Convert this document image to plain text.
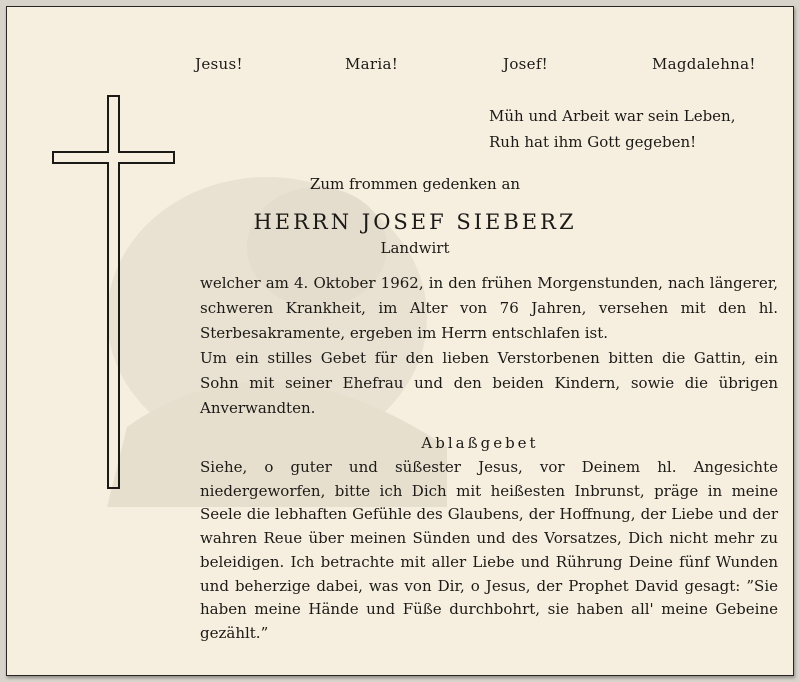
Jesus!	Maria!	Josef!	Magdalehna!
Müh und Arbeit war sein Leben,
Ruh hat ihm Gott gegeben!
Zum frommen gedenken an
HERRN JOSEF SIEBERZ
Landwirt

welcher am 4. Oktober 1962, in den frühen Morgenstunden, nach längerer, schweren Krankheit, im Alter von 76 Jahren, versehen mit den hl. Sterbesakramente, ergeben im Herrn entschlafen ist.

Um ein stilles Gebet für den lieben Verstorbenen bitten die Gattin, ein Sohn mit seiner Ehefrau und den beiden Kindern, sowie die übrigen Anverwandten.

Ablaßgebet
Siehe, o guter und süßester Jesus, vor Deinem hl. Angesichte niedergeworfen, bitte ich Dich mit heißesten Inbrunst, präge in meine Seele die lebhaften Gefühle des Glaubens, der Hoffnung, der Liebe und der wahren Reue über meinen Sünden und des Vorsatzes, Dich nicht mehr zu beleidigen. Ich betrachte mit aller Liebe und Rührung Deine fünf Wunden und beherzige dabei, was von Dir, o Jesus, der Prophet David gesagt: ”Sie haben meine Hände und Füße durchbohrt, sie haben all' meine Gebeine gezählt.”
